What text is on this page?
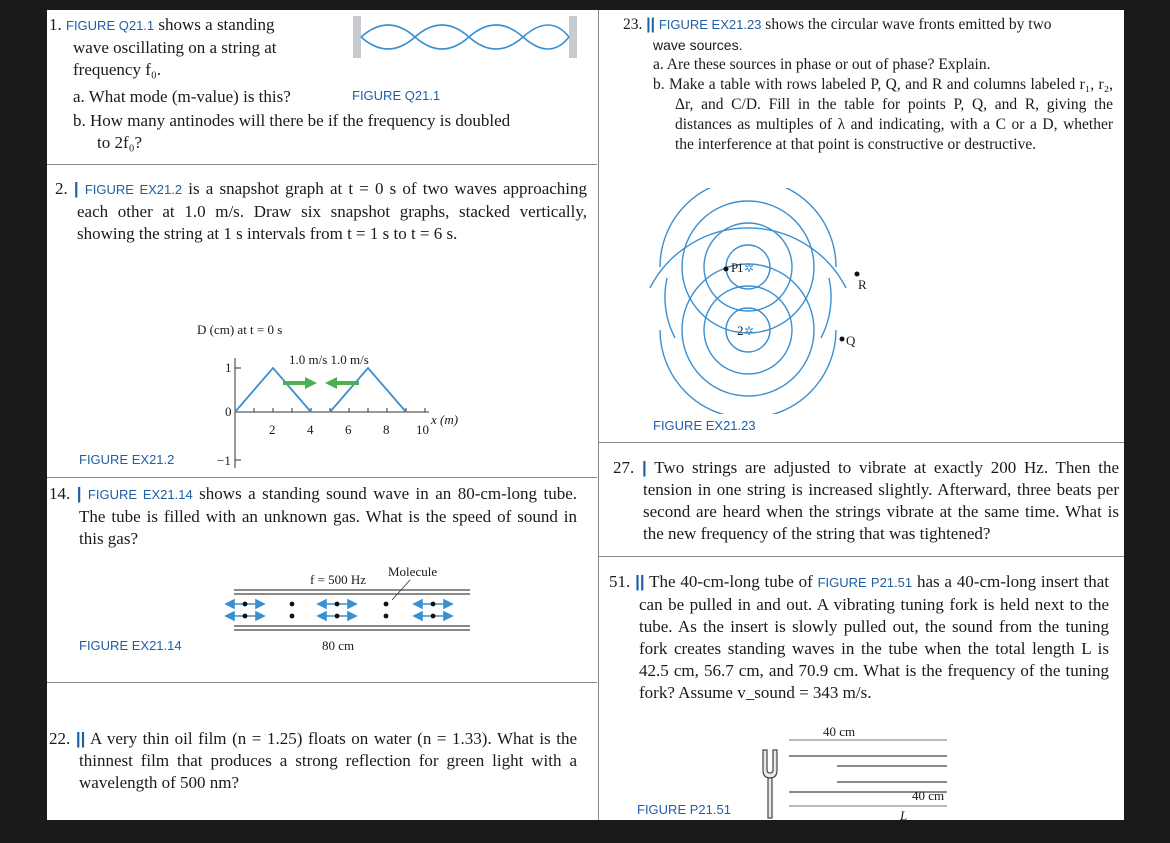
1. FIGURE Q21.1 shows a standing
wave oscillating on a string at
frequency f₀.
a. What mode (m-value) is this?	FIGURE Q21.1
b. How many antinodes will there be if the frequency is doubled
to 2f₀?
2. | FIGURE EX21.2 is a snapshot graph at t = 0 s of two waves approaching each other at 1.0 m/s. Draw six snapshot graphs, stacked vertically, showing the string at 1 s intervals from t = 1 s to t = 6 s.
D (cm) at t = 0 s
1
0
−1
2 4 6 8 10
x (m)
1.0 m/s 1.0 m/s
FIGURE EX21.2
14. | FIGURE EX21.14 shows a standing sound wave in an 80-cm-long tube. The tube is filled with an unknown gas. What is the speed of sound in this gas?
f = 500 Hz
Molecule
80 cm
FIGURE EX21.14
22. || A very thin oil film (n = 1.25) floats on water (n = 1.33). What is the thinnest film that produces a strong reflection for green light with a wavelength of 500 nm?
23. || FIGURE EX21.23 shows the circular wave fronts emitted by two
wave sources.
a. Are these sources in phase or out of phase? Explain.
b. Make a table with rows labeled P, Q, and R and columns labeled r₁, r₂, Δr, and C/D. Fill in the table for points P, Q, and R, giving the distances as multiples of λ and indicating, with a C or a D, whether the interference at that point is constructive or destructive.
1 ✲
2 ✲
P
Q
R
FIGURE EX21.23
27. | Two strings are adjusted to vibrate at exactly 200 Hz. Then the tension in one string is increased slightly. Afterward, three beats per second are heard when the strings vibrate at the same time. What is the new frequency of the string that was tightened?
51. || The 40-cm-long tube of FIGURE P21.51 has a 40-cm-long insert that can be pulled in and out. A vibrating tuning fork is held next to the tube. As the insert is slowly pulled out, the sound from the tuning fork creates standing waves in the tube when the total length L is 42.5 cm, 56.7 cm, and 70.9 cm. What is the frequency of the tuning fork? Assume v_sound = 343 m/s.
40 cm
40 cm
L
FIGURE P21.51
